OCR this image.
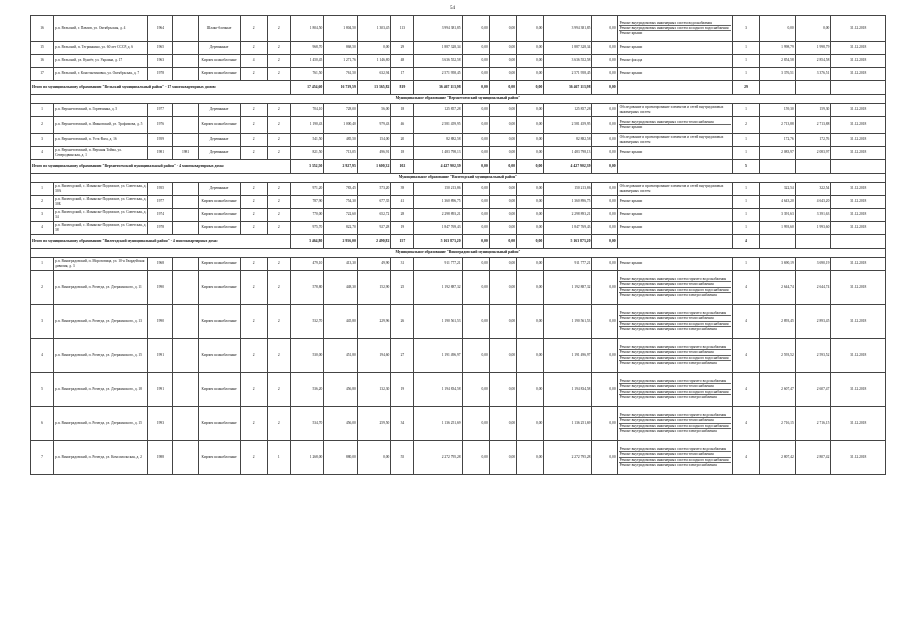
54
16	р.п. Вельский, г. Павлов, ул. Октябрьская, д. 4	1964		Шлако-блочные	2	2	1 804,50	1 804,50	1 303,45	113	3 994 381,85	0,00	0,00	0,00	3 994 381,85	0,00	Ремонт внутридомовых инженерных систем водоснабжения
Ремонт внутридомовых инженерных систем холодного водоснабжения
Ремонт крыши	3	0,00	0,00	31.12.2018
15	р.п. Вельский, п. Тегринкино, ул. 60 лет СССР, д. 6	1965		Деревянные	2	2	968,70	868,50	0,00	29	1 887 328,34	0,00	0,00	0,00	1 887 328,34	0,00	Ремонт крыши	1	1 998,79	1 998,79	31.12.2018
16	р.п. Вельский, ул. Кунгёт, ул. Украина, д. 17	1963		Кирпич шлакоблочные	4	2	1 450,45	1 271,76	1 146,80	48	3 636 552,58	0,00	0,00	0,00	3 636 552,58	0,00	Ремонт фасада	1	2 854,58	2 854,58	31.12.2018
17	р.п. Вельский, г. Константиновка, ул. Октябрьская, д. 7	1978		Кирпич шлакоблочные	2	2	761,50	761,50	632,94	17	2 571 958,45	0,00	0,00	0,00	2 571 958,45	0,00	Ремонт крыши	1	3 376,51	3 376,51	31.12.2018
Итого по муниципальному образованию "Вельский муниципальный район" - 17 многоквартирных домов:							17 454,60	16 739,59	13 365,82	819	36 467 113,98	0,00	0,00	0,00	36 467 113,98	0,00		29			
Муниципальное образование "Верхнетоемский муниципальный район"																					
1	р.п. Верхнетоемский, п. Горевчинка, д. 5	1977		Деревянные	2	2	704,10	728,00	56,00	18	125 857,28	0,00	0,00	0,00	125 857,28	0,00	Обследование и проектирование элементов и сетей внутридомовых инженерных систем	1	159,30	159,30	31.12.2018
2	р.п. Верхнетоемский, п. Ивановский, ул. Трофимова, д. 5	1976		Кирпич шлакоблочные	2	2	1 190,43	1 000,40	979,43	46	2 581 459,95	0,00	0,00	0,00	2 581 459,95	0,00	Ремонт внутридомовых инженерных систем теплоснабжения
Ремонт крыши	2	2 713,88	2 713,88	31.12.2018
3	р.п. Верхнетоемский, п. Усть-Вага, д. 16	1959		Деревянные	2	2	541,50	485,50	154,00	20	82 882,58	0,00	0,00	0,00	82 882,58	0,00	Обследование и проектирование элементов и сетей внутридомовых инженерных систем	1	172,76	172,76	31.12.2018
4	р.п. Верхнетоемский, п. Верхняя Тойма, ул. Северодвинская, д. 1	1981	1981	Деревянные	2	2	821,50	713,05	496,91	18	1 483 798,13	0,00	0,00	0,00	1 483 798,13	0,00	Ремонт крыши	1	2 083,97	2 083,97	31.12.2018
Итого по муниципальному образованию "Верхнетоемский муниципальный район" - 4 многоквартирных дома:							3 352,50	2 927,95	1 600,32	102	4 427 902,39	0,00	0,00	0,00	4 427 902,39	0,00		5			
Муниципальное образование "Вилегодский муниципальный район"																					
1	р.п. Вилегодский, с. Ильинско-Подомское, ул. Советская, д. 30А	1955		Деревянные	2	2	971,20	783,45	573,20	39	150 213,86	0,00	0,00	0,00	150 213,86	0,00	Обследование и проектирование элементов и сетей внутридомовых инженерных систем	1	322,54	322,54	31.12.2018
2	р.п. Вилегодский, с. Ильинско-Подомское, ул. Советская, д. 30Б	1977		Кирпич шлакоблочные	2	2	787,90	754,30	677,35	41	1 360 896,75	0,00	0,00	0,00	1 360 896,75	0,00	Ремонт крыши	1	4 643,20	4 643,20	31.12.2018
3	р.п. Вилегодский, с. Ильинско-Подомское, ул. Советская, д. 34	1974		Кирпич шлакоблочные	2	2	770,00	722,60	652,72	28	2 298 893,21	0,00	0,00	0,00	2 298 893,21	0,00	Ремонт крыши	1	3 391,63	3 391,63	31.12.2018
4	р.п. Вилегодский, с. Ильинско-Подомское, ул. Советская, д. 38	1978		Кирпич шлакоблочные	2	2	975,70	822,70	927,28	19	1 847 769,43	0,00	0,00	0,00	1 847 769,43	0,00	Ремонт крыши	1	1 993,60	1 993,60	31.12.2018
Итого по муниципальному образованию "Вилегодский муниципальный район" - 4 многоквартирных дома:							3 464,80	2 956,00	2 490,82	157	5 163 873,20	0,00	0,00	0,00	5 163 873,20	0,00		4			
Муниципальное образование "Виноградовский муниципальный район"																					
1	р.п. Виноградовский, п. Морозовица, ул. 10-я Гвардейская дивизия, д. 3	1968		Кирпич шлакоблочные	2	2	479,10	413,30	49,90	31	911 777,21	0,00	0,00	0,00	911 777,21	0,00	Ремонт крыши	1	3 690,19	3 690,19	31.12.2018
2	р.п. Виноградовский, п. Рочегда, ул. Дзержинского, д. 11	1990		Кирпич шлакоблочные	2	2	578,80	448,30	152,90	25	1 192 887,32	0,00	0,00	0,00	1 192 887,32	0,00	Ремонт внутридомовых инженерных систем горячего водоснабжения
Ремонт внутридомовых инженерных систем теплоснабжения
Ремонт внутридомовых инженерных систем холодного водоснабжения
Ремонт внутридомовых инженерных систем электроснабжения	4	2 644,74	2 644,74	31.12.2018
3	р.п. Виноградовский, п. Рочегда, ул. Дзержинского, д. 13	1990		Кирпич шлакоблочные	2	2	532,70	445,80	229,96	26	1 190 561,53	0,00	0,00	0,00	1 190 561,53	0,00	Ремонт внутридомовых инженерных систем горячего водоснабжения
Ремонт внутридомовых инженерных систем теплоснабжения
Ремонт внутридомовых инженерных систем холодного водоснабжения
Ремонт внутридомовых инженерных систем электроснабжения	4	2 893,45	2 893,45	31.12.2018
4	р.п. Виноградовский, п. Рочегда, ул. Дзержинского, д. 15	1991		Кирпич шлакоблочные	2	2	530,00	451,80	194,60	27	1 191 496,97	0,00	0,00	0,00	1 191 496,97	0,00	Ремонт внутридомовых инженерных систем горячего водоснабжения
Ремонт внутридомовых инженерных систем теплоснабжения
Ремонт внутридомовых инженерных систем холодного водоснабжения
Ремонт внутридомовых инженерных систем электроснабжения	4	2 593,52	2 593,52	31.12.2018
5	р.п. Виноградовский, п. Рочегда, ул. Дзержинского, д. 18	1991		Кирпич шлакоблочные	2	2	536,20	456,80	132,30	19	1 194 834,58	0,00	0,00	0,00	1 194 834,58	0,00	Ремонт внутридомовых инженерных систем горячего водоснабжения
Ремонт внутридомовых инженерных систем теплоснабжения
Ремонт внутридомовых инженерных систем холодного водоснабжения
Ремонт внутридомовых инженерных систем электроснабжения	4	2 607,47	2 607,47	31.12.2018
6	р.п. Виноградовский, п. Рочегда, ул. Дзержинского, д. 15	1993		Кирпич шлакоблочные	2	2	534,70	456,00	259,50	34	1 136 251,69	0,00	0,00	0,00	1 136 251,69	0,00	Ремонт внутридомовых инженерных систем горячего водоснабжения
Ремонт внутридомовых инженерных систем теплоснабжения
Ремонт внутридомовых инженерных систем холодного водоснабжения
Ремонт внутридомовых инженерных систем электроснабжения	4	2 716,15	2 716,15	31.12.2018
7	р.п. Виноградовский, п. Рочегда, ул. Комсомольская, д. 2	1988		Кирпич шлакоблочные	2	1	1 268,00	880,00	0,00	55	2 272 795,28	0,00	0,00	0,00	2 272 795,28	0,00	Ремонт внутридомовых инженерных систем горячего водоснабжения
Ремонт внутридомовых инженерных систем теплоснабжения
Ремонт внутридомовых инженерных систем холодного водоснабжения
Ремонт внутридомовых инженерных систем электроснабжения	4	2 807,42	2 807,42	31.12.2018
